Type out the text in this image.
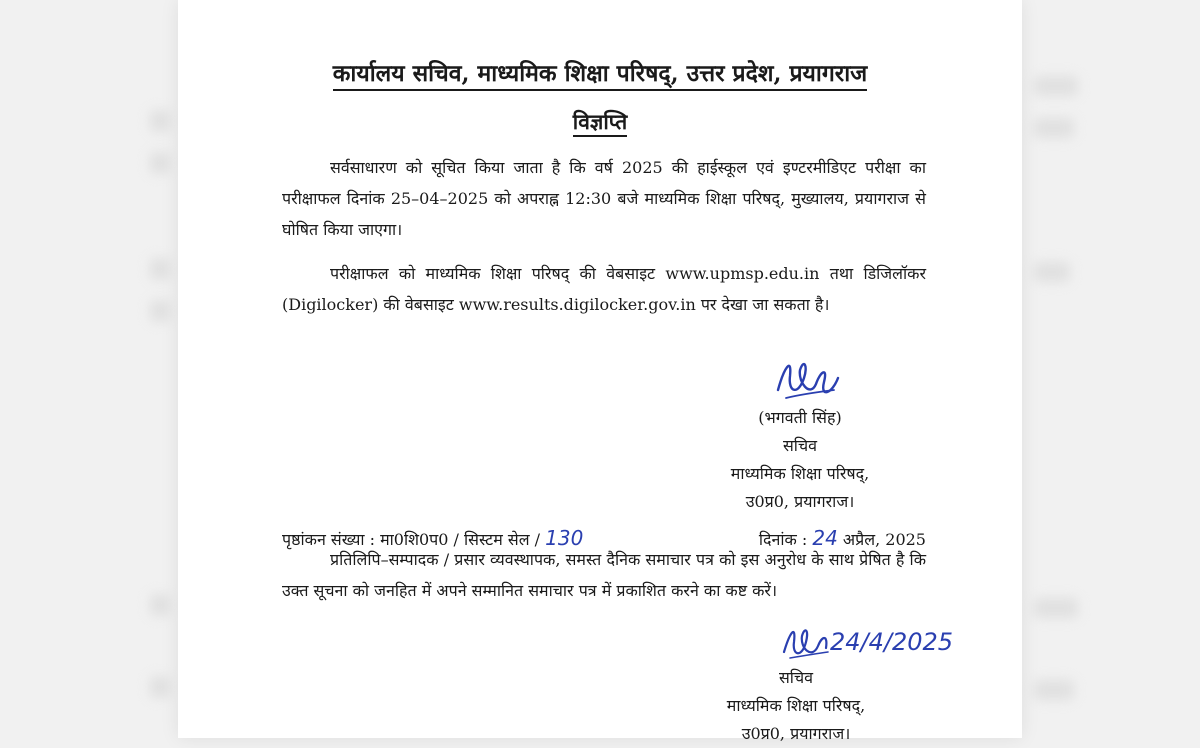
कार्यालय सचिव, माध्यमिक शिक्षा परिषद्, उत्तर प्रदेश, प्रयागराज
विज्ञप्ति
सर्वसाधारण को सूचित किया जाता है कि वर्ष 2025 की हाईस्कूल एवं इण्टरमीडिएट परीक्षा का परीक्षाफल दिनांक 25–04–2025 को अपराह्न 12:30 बजे माध्यमिक शिक्षा परिषद्, मुख्यालय, प्रयागराज से घोषित किया जाएगा।
परीक्षाफल को माध्यमिक शिक्षा परिषद् की वेबसाइट www.upmsp.edu.in तथा डिजिलॉकर (Digilocker) की वेबसाइट www.results.digilocker.gov.in पर देखा जा सकता है।
(भगवती सिंह)
सचिव
माध्यमिक शिक्षा परिषद्,
उ0प्र0, प्रयागराज।
पृष्ठांकन संख्या : मा0शि0प0 / सिस्टम सेल / 130	दिनांक : 24 अप्रैल, 2025
प्रतिलिपि–सम्पादक / प्रसार व्यवस्थापक, समस्त दैनिक समाचार पत्र को इस अनुरोध के साथ प्रेषित है कि उक्त सूचना को जनहित में अपने सम्मानित समाचार पत्र में प्रकाशित करने का कष्ट करें।
24/4/2025
सचिव
माध्यमिक शिक्षा परिषद्,
उ0प्र0, प्रयागराज।
